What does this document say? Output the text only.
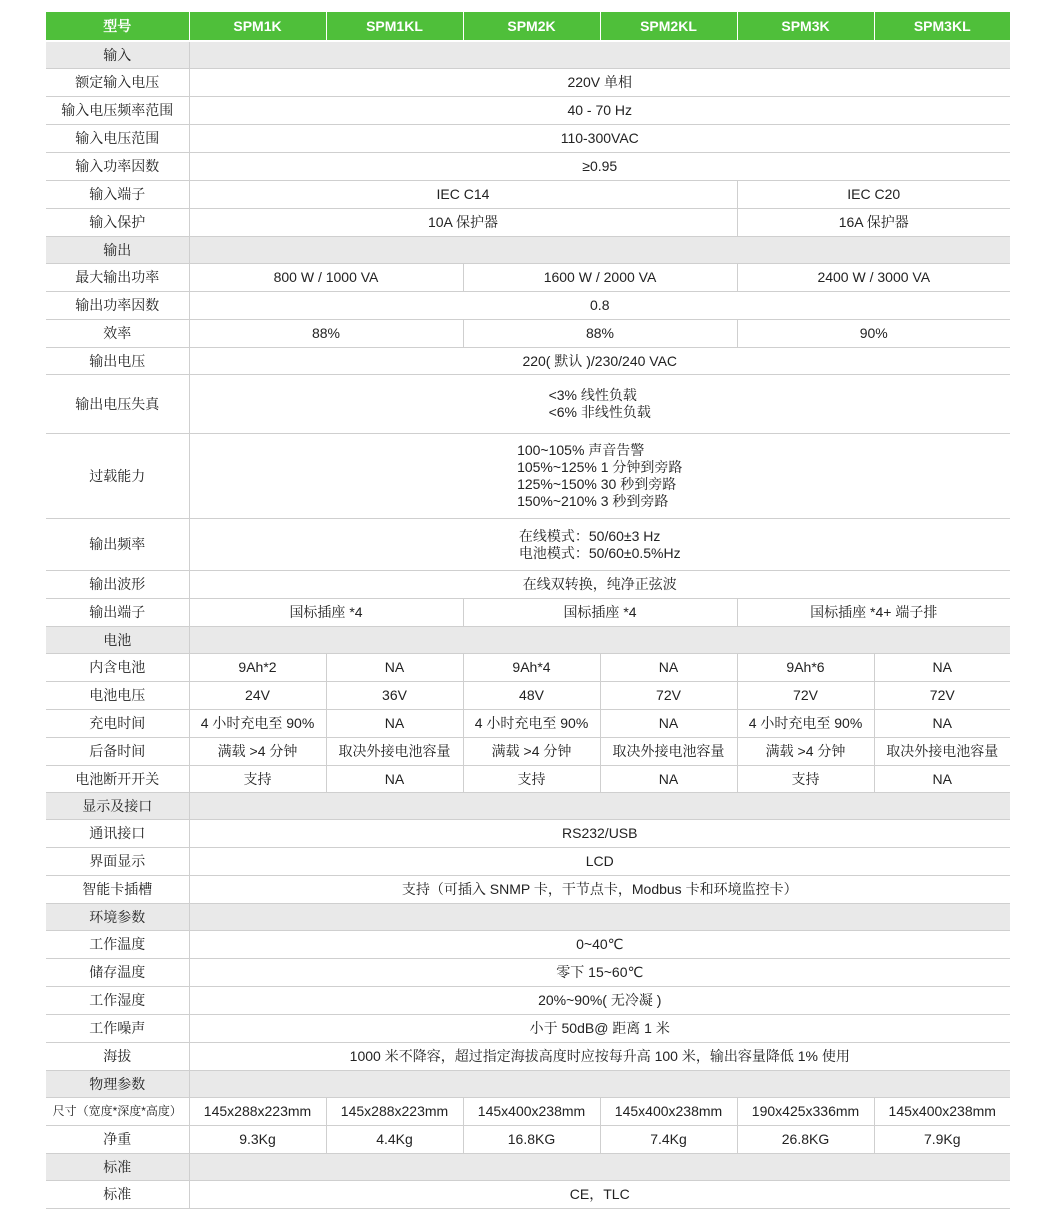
型号	SPM1K	SPM1KL	SPM2K	SPM2KL	SPM3K	SPM3KL
输入						
额定输入电压	220V 单相					
输入电压频率范围	40 - 70 Hz					
输入电压范围	110-300VAC					
输入功率因数	≥0.95					
输入端子	IEC C14				IEC C20	
输入保护	10A 保护器				16A 保护器	
输出						
最大输出功率	800 W / 1000 VA		1600 W / 2000 VA		2400 W / 3000 VA	
输出功率因数	0.8					
效率	88%		88%		90%	
输出电压	220( 默认 )/230/240 VAC					
输出电压失真	<3% 线性负载
<6% 非线性负载					

过载能力	100~105% 声音告警
105%~125% 1 分钟到旁路
125%~150% 30 秒到旁路
150%~210% 3 秒到旁路					

输出频率	在线模式：50/60±3 Hz
电池模式：50/60±0.5%Hz					

输出波形	在线双转换，纯净正弦波					
输出端子	国标插座 *4		国标插座 *4		国标插座 *4+ 端子排	
电池						
内含电池	9Ah*2	NA	9Ah*4	NA	9Ah*6	NA
电池电压	24V	36V	48V	72V	72V	72V
充电时间	4 小时充电至 90%	NA	4 小时充电至 90%	NA	4 小时充电至 90%	NA
后备时间	满载 >4 分钟	取决外接电池容量	满载 >4 分钟	取决外接电池容量	满载 >4 分钟	取决外接电池容量
电池断开开关	支持	NA	支持	NA	支持	NA
显示及接口						
通讯接口	RS232/USB					
界面显示	LCD					
智能卡插槽	支持（可插入 SNMP 卡，干节点卡，Modbus 卡和环境监控卡）					
环境参数						
工作温度	0~40℃					
储存温度	零下 15~60℃					
工作湿度	20%~90%( 无冷凝 )					
工作噪声	小于 50dB@ 距离 1 米					
海拔	1000 米不降容，超过指定海拔高度时应按每升高 100 米，输出容量降低 1% 使用					
物理参数						
尺寸（宽度*深度*高度）	145x288x223mm	145x288x223mm	145x400x238mm	145x400x238mm	190x425x336mm	145x400x238mm
净重	9.3Kg	4.4Kg	16.8KG	7.4Kg	26.8KG	7.9Kg
标准						
标准	CE，TLC					
